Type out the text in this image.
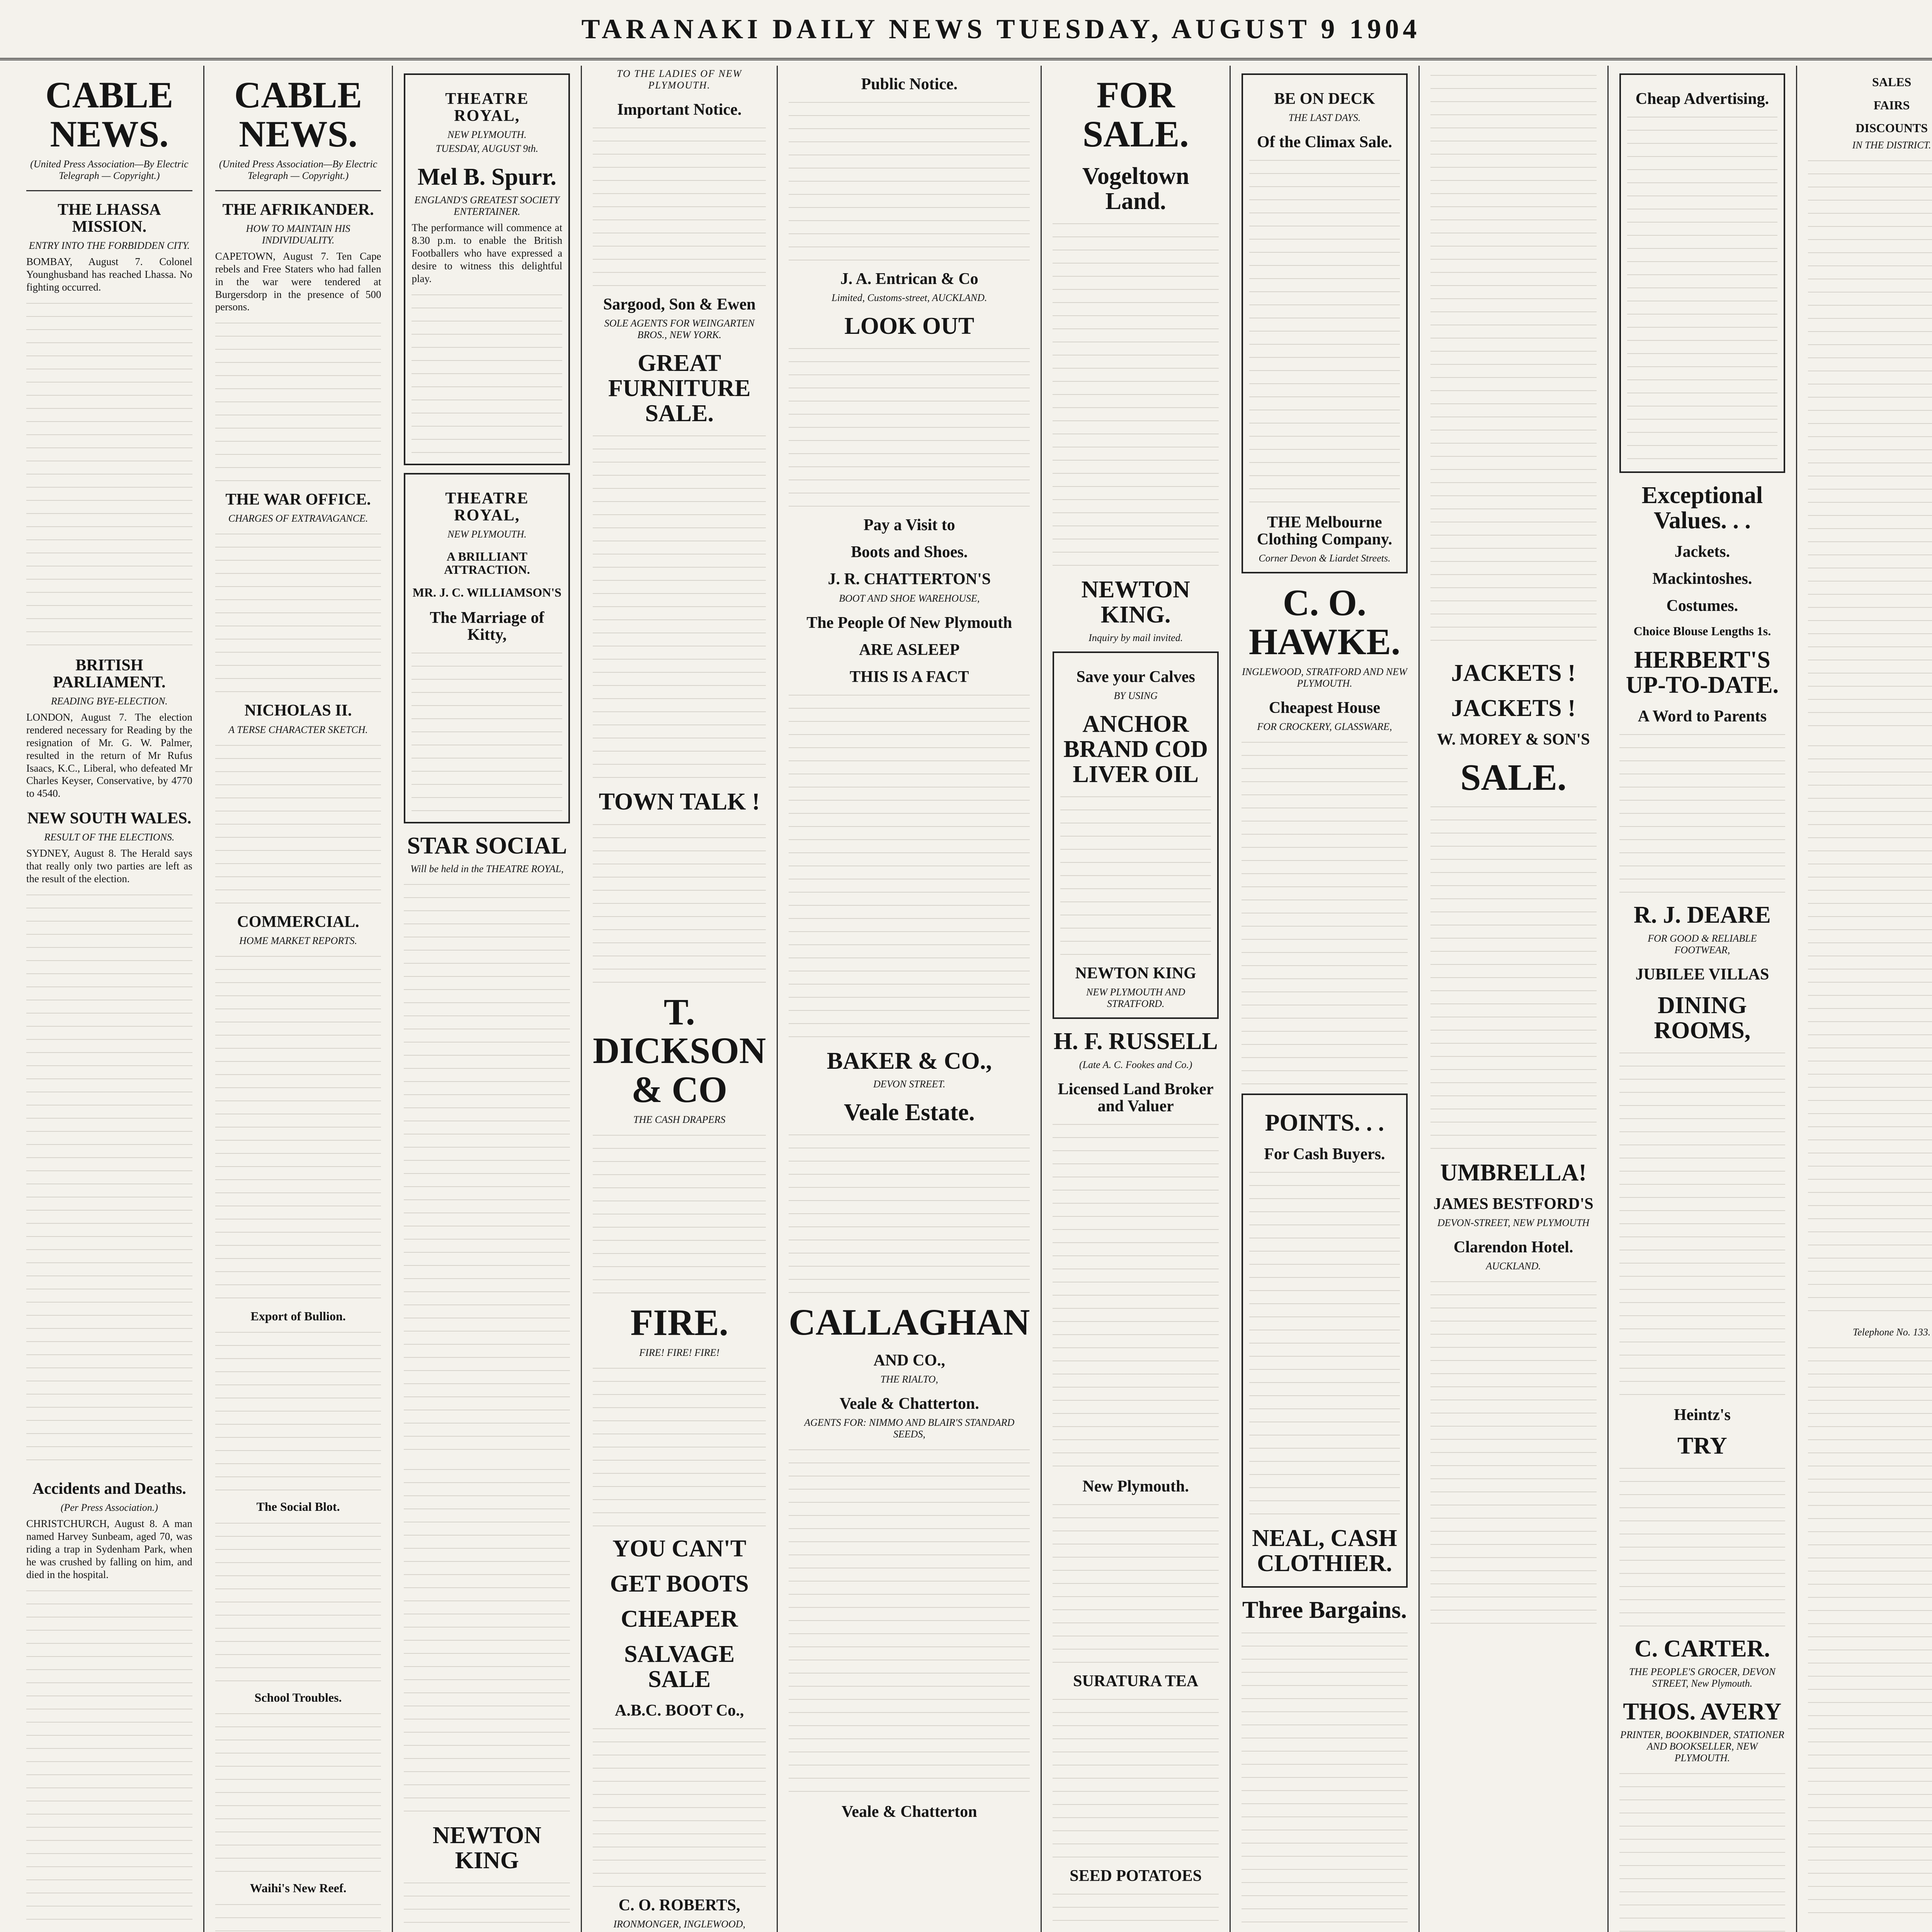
TARANAKI DAILY NEWS TUESDAY, AUGUST 9 1904
CABLE NEWS.
(United Press Association—By Electric Telegraph — Copyright.)
THE LHASSA MISSION.
ENTRY INTO THE FORBIDDEN CITY.

BOMBAY, August 7. Colonel Younghusband has reached Lhassa. No fighting occurred.

BRITISH PARLIAMENT.
READING BYE-ELECTION.

LONDON, August 7. The election rendered necessary for Reading by the resignation of Mr. G. W. Palmer, resulted in the return of Mr Rufus Isaacs, K.C., Liberal, who defeated Mr Charles Keyser, Conservative, by 4770 to 4540.

NEW SOUTH WALES.
RESULT OF THE ELECTIONS.

SYDNEY, August 8. The Herald says that really only two parties are left as the result of the election.

Accidents and Deaths.
(Per Press Association.)

CHRISTCHURCH, August 8. A man named Harvey Sunbeam, aged 70, was riding a trap in Sydenham Park, when he was crushed by falling on him, and died in the hospital.

CABLE NEWS.
(United Press Association—By Electric Telegraph — Copyright.)
THE AFRIKANDER.
HOW TO MAINTAIN HIS INDIVIDUALITY.

CAPETOWN, August 7. Ten Cape rebels and Free Staters who had fallen in the war were tendered at Burgersdorp in the presence of 500 persons.

THE WAR OFFICE.
CHARGES OF EXTRAVAGANCE.
NICHOLAS II.
A TERSE CHARACTER SKETCH.
COMMERCIAL.
HOME MARKET REPORTS.
Export of Bullion.
The Social Blot.
School Troubles.
Waihi's New Reef.
THEATRE ROYAL,
NEW PLYMOUTH.
TUESDAY, AUGUST 9th.
Mel B. Spurr.
ENGLAND'S GREATEST SOCIETY ENTERTAINER.

The performance will commence at 8.30 p.m. to enable the British Footballers who have expressed a desire to witness this delightful play.

THEATRE ROYAL,
NEW PLYMOUTH.
A BRILLIANT ATTRACTION.
MR. J. C. WILLIAMSON'S
The Marriage of Kitty,
STAR SOCIAL
Will be held in the THEATRE ROYAL,
NEWTON KING
TO THE LADIES OF NEW PLYMOUTH.
Important Notice.
Sargood, Son & Ewen
SOLE AGENTS FOR WEINGARTEN BROS., NEW YORK.
GREAT FURNITURE SALE.
TOWN TALK !
T. DICKSON & CO
THE CASH DRAPERS
FIRE.
FIRE! FIRE! FIRE!
YOU CAN'T
GET BOOTS
CHEAPER
SALVAGE SALE
A.B.C. BOOT Co.,
C. O. ROBERTS,
IRONMONGER, INGLEWOOD,
Public Notice.
J. A. Entrican & Co
Limited, Customs-street, AUCKLAND.
LOOK OUT
Pay a Visit to
Boots and Shoes.
J. R. CHATTERTON'S
BOOT AND SHOE WAREHOUSE,
The People Of New Plymouth
ARE ASLEEP
THIS IS A FACT
BAKER & CO.,
DEVON STREET.
Veale Estate.
CALLAGHAN
AND CO.,
THE RIALTO,
Veale & Chatterton.
AGENTS FOR: NIMMO AND BLAIR'S STANDARD SEEDS,
Veale & Chatterton
FOR SALE.
Vogeltown Land.
NEWTON KING.
Inquiry by mail invited.
Save your Calves
BY USING
ANCHOR BRAND COD LIVER OIL
NEWTON KING
NEW PLYMOUTH AND STRATFORD.
H. F. RUSSELL
(Late A. C. Fookes and Co.)
Licensed Land Broker and Valuer
New Plymouth.
SURATURA TEA
SEED POTATOES
BE ON DECK
THE LAST DAYS.
Of the Climax Sale.
THE Melbourne Clothing Company.
Corner Devon & Liardet Streets.
C. O. HAWKE.
INGLEWOOD, STRATFORD AND NEW PLYMOUTH.
Cheapest House
FOR CROCKERY, GLASSWARE,
POINTS. . .
For Cash Buyers.
NEAL, CASH CLOTHIER.
Three Bargains.
JACKETS !
JACKETS !
W. MOREY & SON'S
SALE.
UMBRELLA!
JAMES BESTFORD'S
DEVON-STREET, NEW PLYMOUTH
Clarendon Hotel.
AUCKLAND.
Cheap Advertising.
Exceptional Values. . .
Jackets.
Mackintoshes.
Costumes.
Choice Blouse Lengths 1s.
HERBERT'S UP-TO-DATE.
A Word to Parents
R. J. DEARE
FOR GOOD & RELIABLE FOOTWEAR,
JUBILEE VILLAS
DINING ROOMS,
Heintz's
TRY
C. CARTER.
THE PEOPLE'S GROCER, DEVON STREET, New Plymouth.
THOS. AVERY
PRINTER, BOOKBINDER, STATIONER AND BOOKSELLER, NEW PLYMOUTH.
SALES
FAIRS
DISCOUNTS
IN THE DISTRICT.
Telephone No. 133.
